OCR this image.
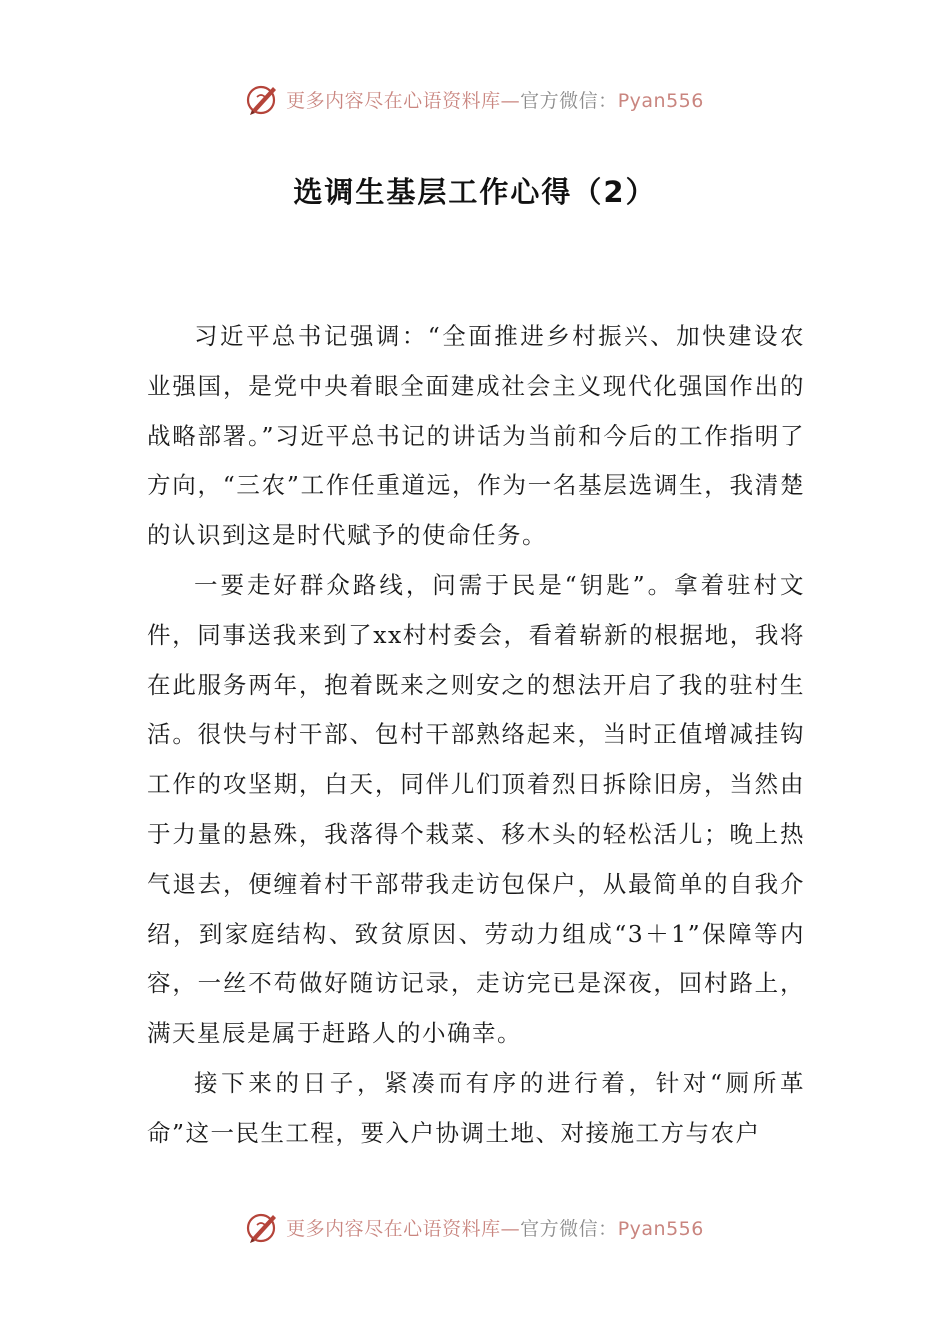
更多内容尽在心语资料库—官方微信：Pyan556
选调生基层工作心得（2）

习近平总书记强调：“全面推进乡村振兴、加快建设农业强国，是党中央着眼全面建成社会主义现代化强国作出的战略部署。”习近平总书记的讲话为当前和今后的工作指明了方向，“三农”工作任重道远，作为一名基层选调生，我清楚的认识到这是时代赋予的使命任务。

一要走好群众路线，问需于民是“钥匙”。拿着驻村文件，同事送我来到了xx村村委会，看着崭新的根据地，我将在此服务两年，抱着既来之则安之的想法开启了我的驻村生活。很快与村干部、包村干部熟络起来，当时正值增减挂钩工作的攻坚期，白天，同伴儿们顶着烈日拆除旧房，当然由于力量的悬殊，我落得个栽菜、移木头的轻松活儿；晚上热气退去，便缠着村干部带我走访包保户，从最简单的自我介绍，到家庭结构、致贫原因、劳动力组成“3＋1”保障等内容，一丝不苟做好随访记录，走访完已是深夜，回村路上，满天星辰是属于赶路人的小确幸。

接下来的日子，紧凑而有序的进行着，针对“厕所革命”这一民生工程，要入户协调土地、对接施工方与农户

更多内容尽在心语资料库—官方微信：Pyan556
